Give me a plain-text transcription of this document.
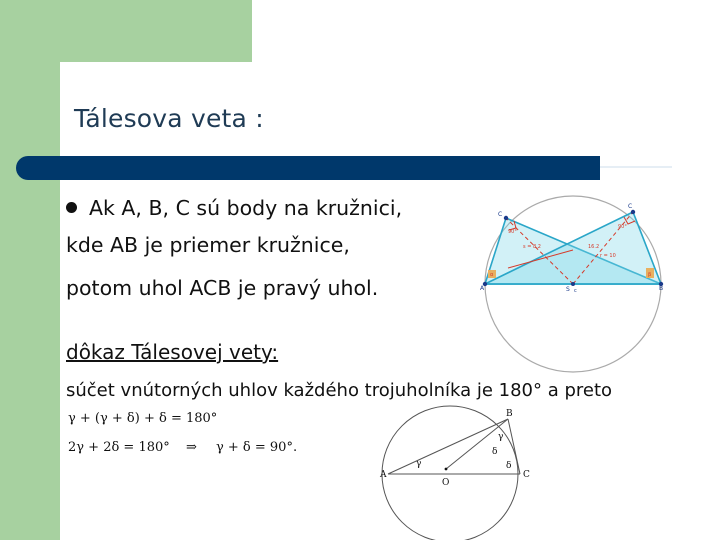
Tálesova veta :
Ak A, B, C sú body na kružnici,
kde AB je priemer kružnice,
potom uhol ACB je pravý uhol.
C
C
A	B
S c
16.2
r = 10
s = 8.2
90°
90°
α	β
dôkaz Tálesovej vety:
súčet vnútorných uhlov každého trojuholníka je 180° a preto
γ + (γ + δ) + δ = 180°
2γ + 2δ = 180° ⇒ γ + δ = 90°.
A
B
C
O
γ
γ
δ
δ
